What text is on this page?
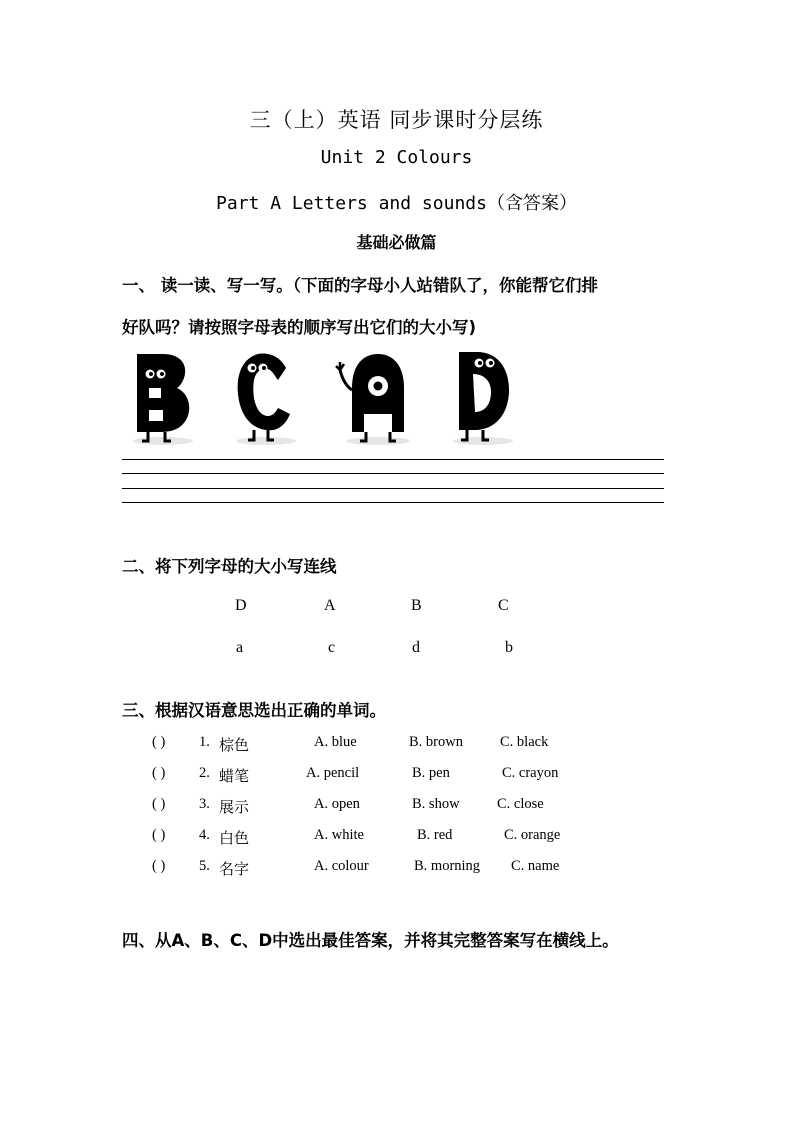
三（上）英语 同步课时分层练
Unit 2 Colours
Part A Letters and sounds（含答案）
基础必做篇
一、 读一读、写一写。（下面的字母小人站错队了，你能帮它们排
好队吗？请按照字母表的顺序写出它们的大小写)
二、将下列字母的大小写连线
D	A	B	C
a	c	d	b
三、根据汉语意思选出正确的单词。
( ) 1. 棕色	A. blue	B. brown	C. black
( ) 2. 蜡笔	A. pencil	B. pen	C. crayon
( ) 3. 展示	A. open	B. show	C. close
( ) 4. 白色	A. white	B. red	C. orange
( ) 5. 名字	A. colour	B. morning C. name
四、从A、B、C、D中选出最佳答案，并将其完整答案写在横线上。
